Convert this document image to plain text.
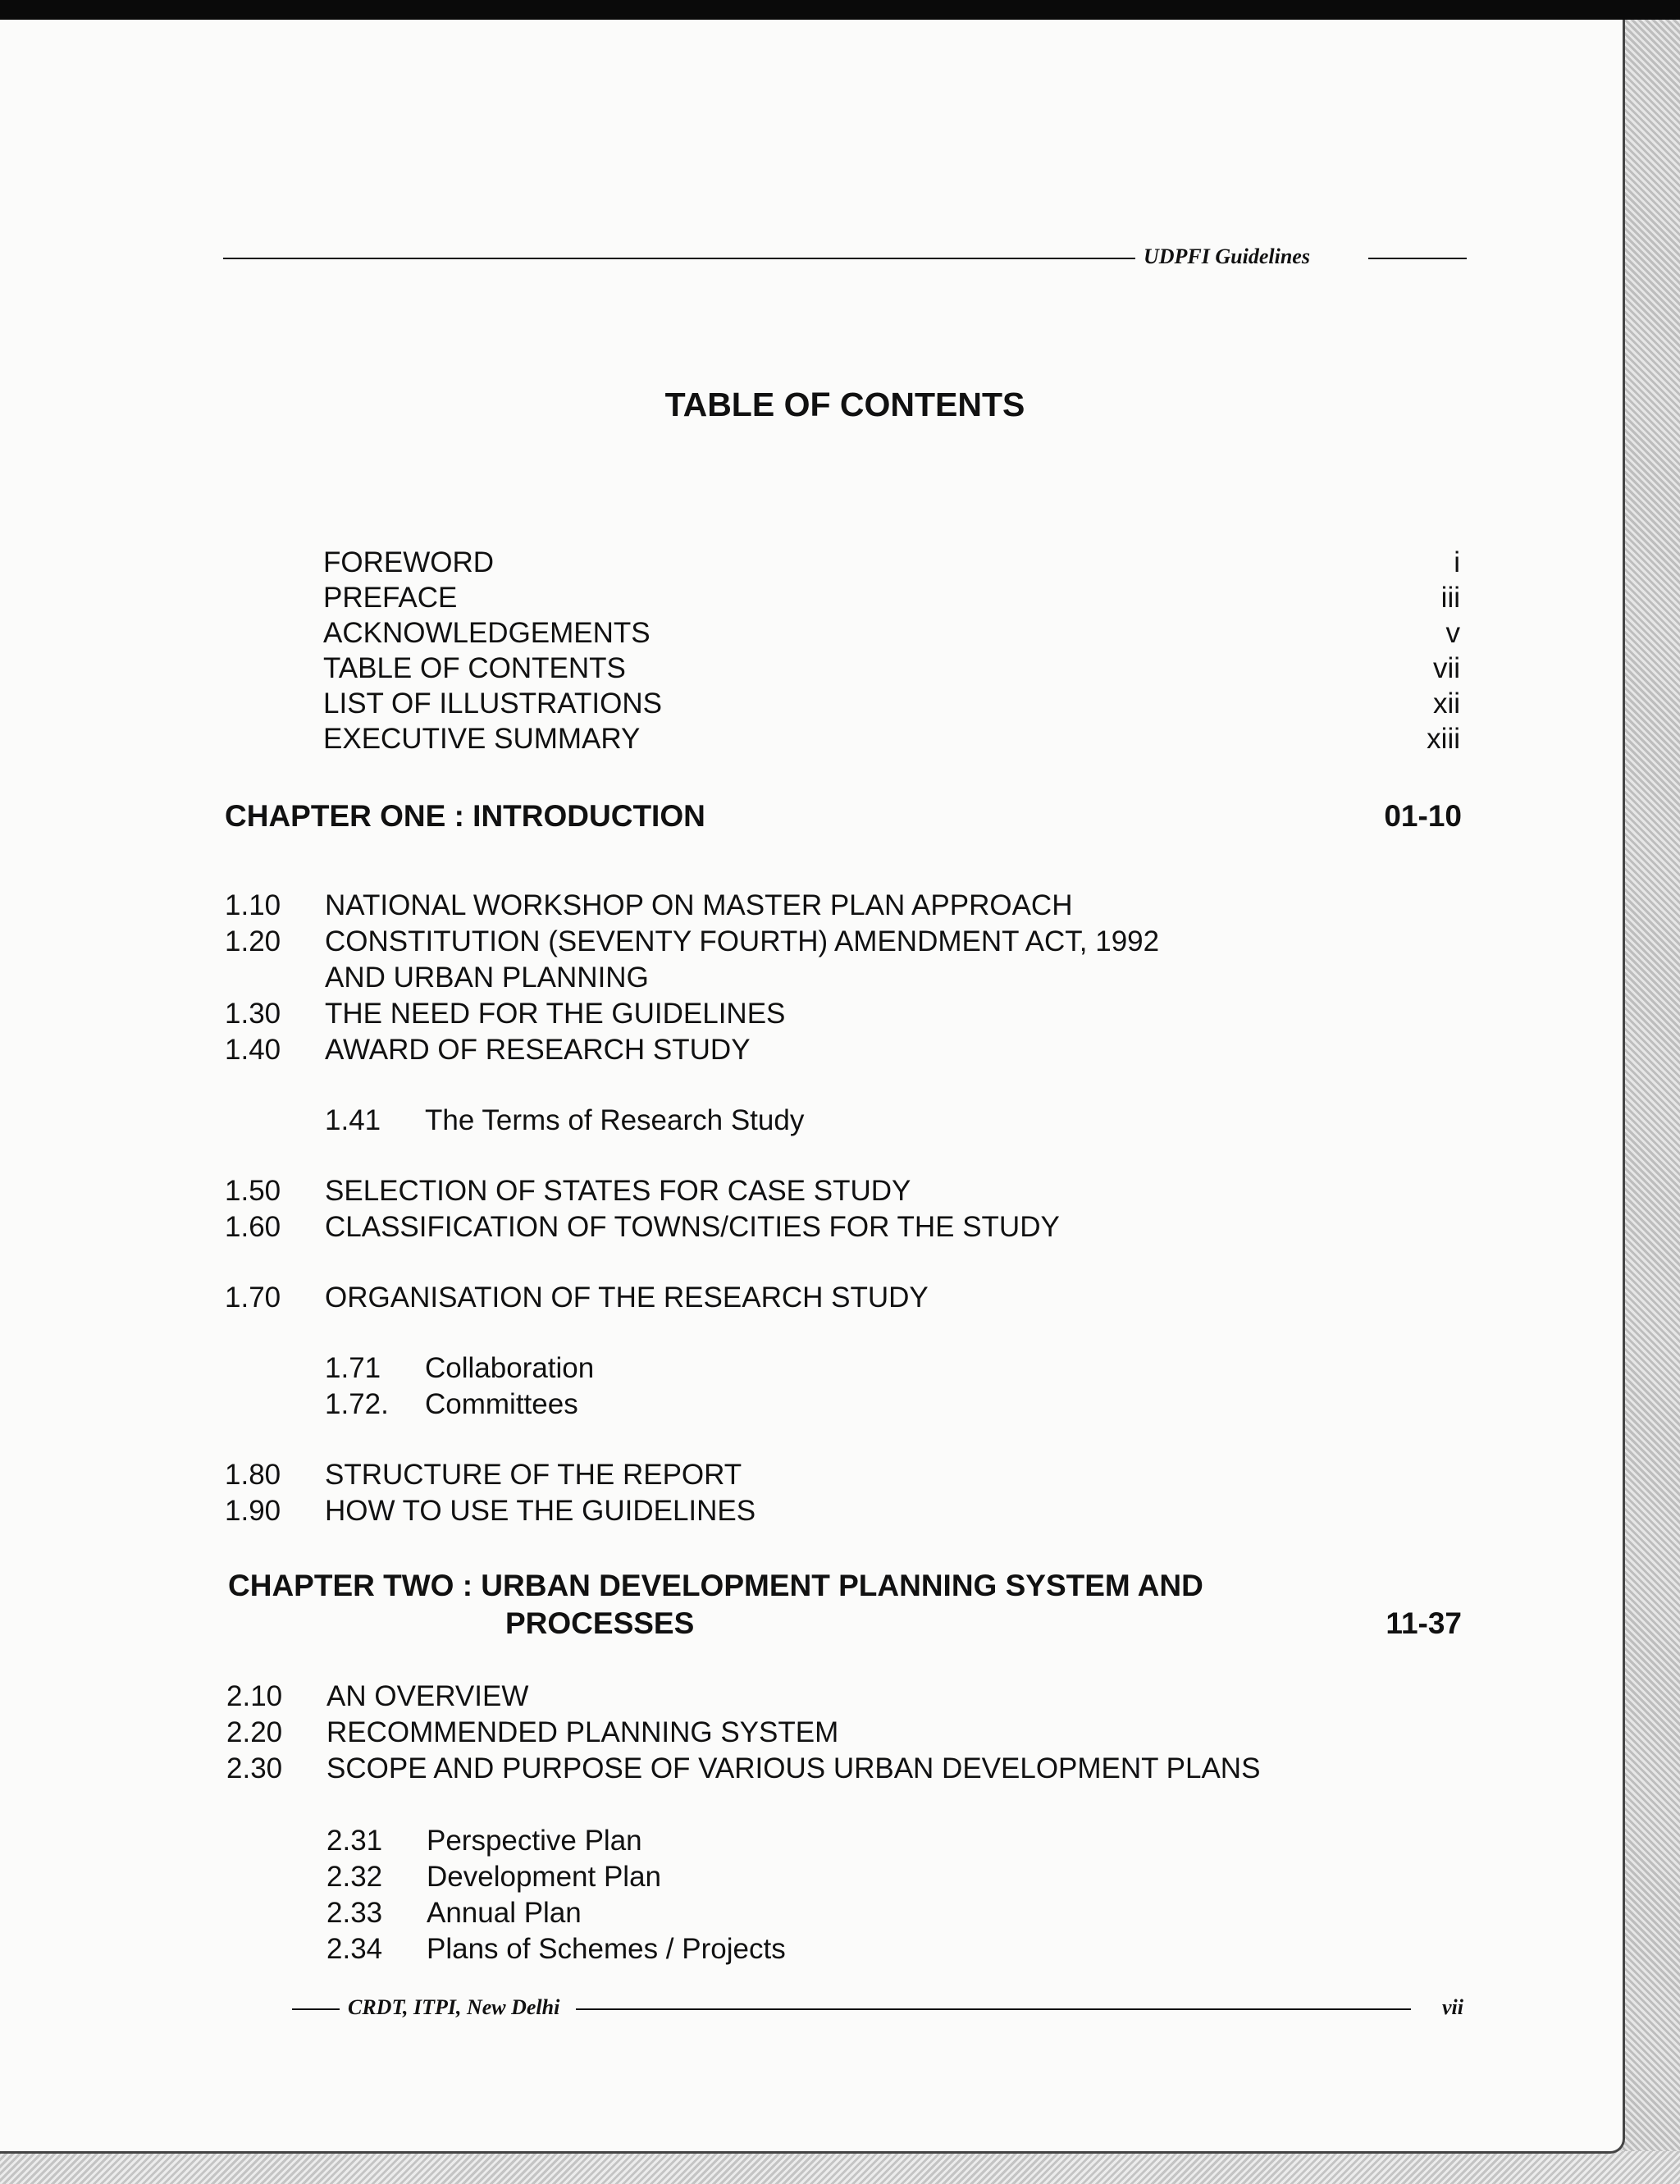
UDPFI Guidelines
TABLE OF CONTENTS
FOREWORD	i
PREFACE	iii
ACKNOWLEDGEMENTS	v
TABLE OF CONTENTS	vii
LIST OF ILLUSTRATIONS	xii
EXECUTIVE SUMMARY	xiii
CHAPTER ONE : INTRODUCTION	01-10
1.10 NATIONAL WORKSHOP ON MASTER PLAN APPROACH
1.20 CONSTITUTION (SEVENTY FOURTH) AMENDMENT ACT, 1992
AND URBAN PLANNING
1.30 THE NEED FOR THE GUIDELINES
1.40 AWARD OF RESEARCH STUDY
1.41 The Terms of Research Study
1.50 SELECTION OF STATES FOR CASE STUDY
1.60 CLASSIFICATION OF TOWNS/CITIES FOR THE STUDY
1.70 ORGANISATION OF THE RESEARCH STUDY
1.71 Collaboration
1.72. Committees
1.80 STRUCTURE OF THE REPORT
1.90 HOW TO USE THE GUIDELINES
CHAPTER TWO : URBAN DEVELOPMENT PLANNING SYSTEM AND
PROCESSES	11-37
2.10 AN OVERVIEW
2.20 RECOMMENDED PLANNING SYSTEM
2.30 SCOPE AND PURPOSE OF VARIOUS URBAN DEVELOPMENT PLANS
2.31 Perspective Plan
2.32 Development Plan
2.33 Annual Plan
2.34 Plans of Schemes / Projects
CRDT, ITPI, New Delhi	vii
